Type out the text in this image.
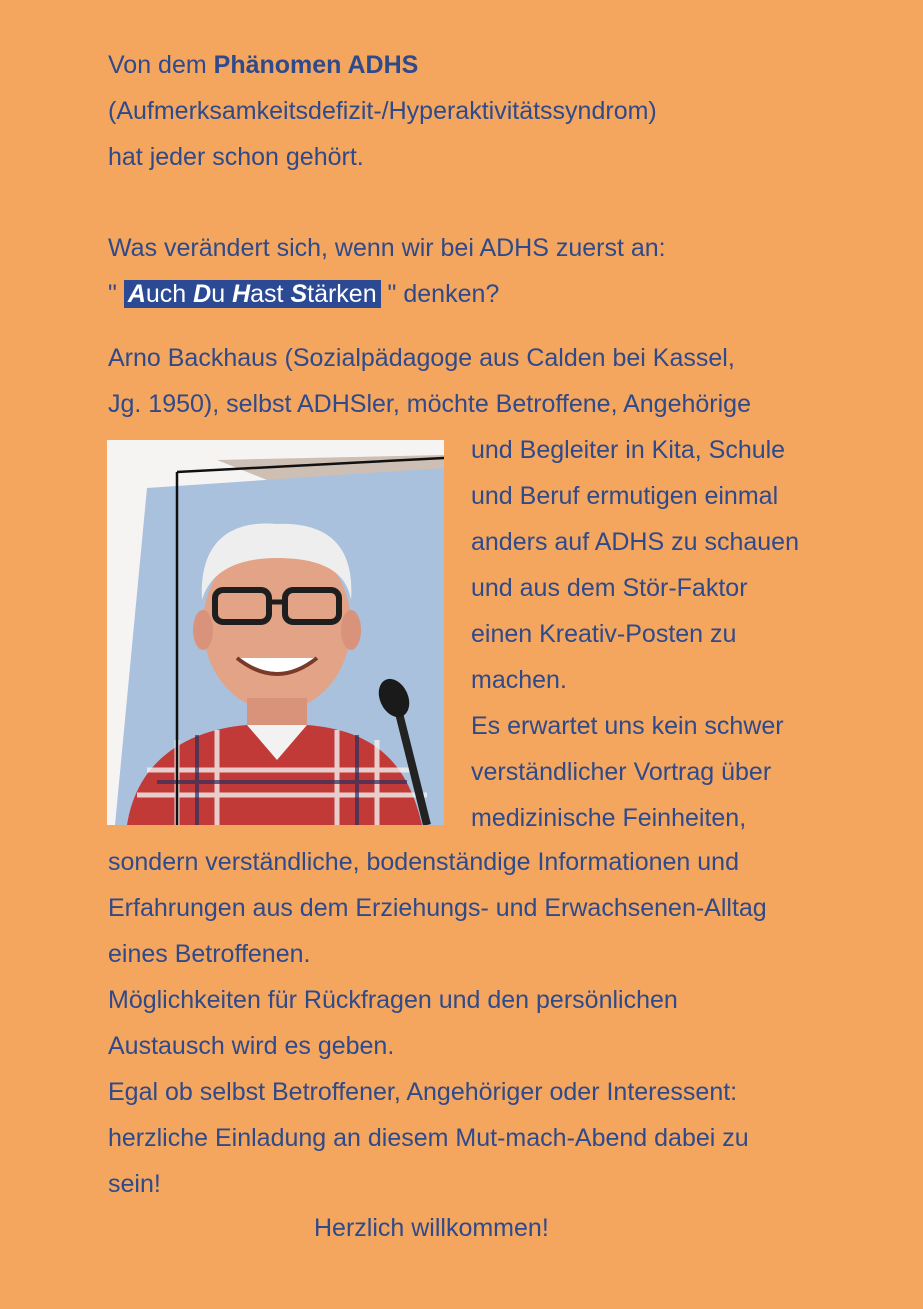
Von dem Phänomen ADHS
(Aufmerksamkeitsdefizit-/Hyperaktivitätssyndrom)
hat jeder schon gehört.
Was verändert sich, wenn wir bei ADHS zuerst an:
" Auch Du Hast Stärken " denken?
Arno Backhaus (Sozialpädagoge aus Calden bei Kassel,
Jg. 1950), selbst ADHSler, möchte Betroffene, Angehörige
und Begleiter in Kita, Schule
und Beruf ermutigen einmal
anders auf ADHS zu schauen
und aus dem Stör-Faktor
einen Kreativ-Posten zu
machen.
Es erwartet uns kein schwer
verständlicher Vortrag über
medizinische Feinheiten,
sondern verständliche, bodenständige Informationen und
Erfahrungen aus dem Erziehungs- und Erwachsenen-Alltag
eines Betroffenen.
Möglichkeiten für Rückfragen und den persönlichen
Austausch wird es geben.
Egal ob selbst Betroffener, Angehöriger oder Interessent:
herzliche Einladung an diesem Mut-mach-Abend dabei zu
sein!
Herzlich willkommen!
